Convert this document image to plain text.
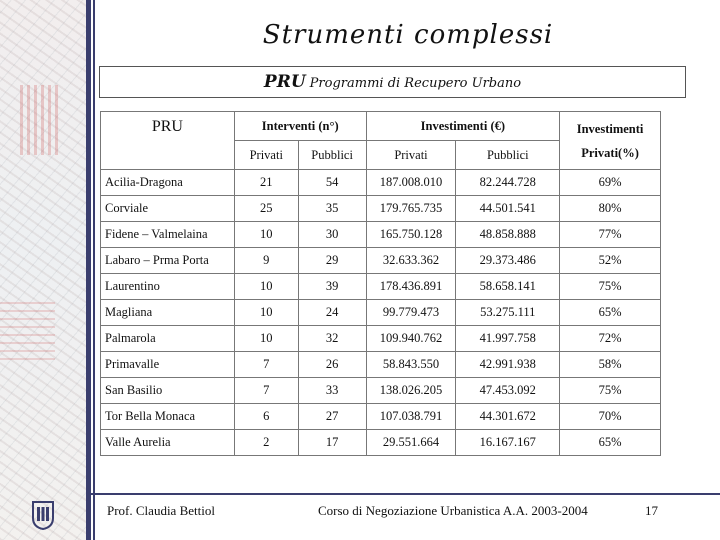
Strumenti complessi
PRU Programmi di Recupero Urbano
PRU	Interventi (n°)		Investimenti (€)		Investimenti Privati(%)
	Privati	Pubblici	Privati	Pubblici	
Acilia-Dragona	21	54	187.008.010	82.244.728	69%
Corviale	25	35	179.765.735	44.501.541	80%
Fidene – Valmelaina	10	30	165.750.128	48.858.888	77%
Labaro – Prma Porta	9	29	32.633.362	29.373.486	52%
Laurentino	10	39	178.436.891	58.658.141	75%
Magliana	10	24	99.779.473	53.275.111	65%
Palmarola	10	32	109.940.762	41.997.758	72%
Primavalle	7	26	58.843.550	42.991.938	58%
San Basilio	7	33	138.026.205	47.453.092	75%
Tor Bella Monaca	6	27	107.038.791	44.301.672	70%
Valle Aurelia	2	17	29.551.664	16.167.167	65%
Prof. Claudia Bettiol	Corso di Negoziazione Urbanistica A.A. 2003-2004	17
